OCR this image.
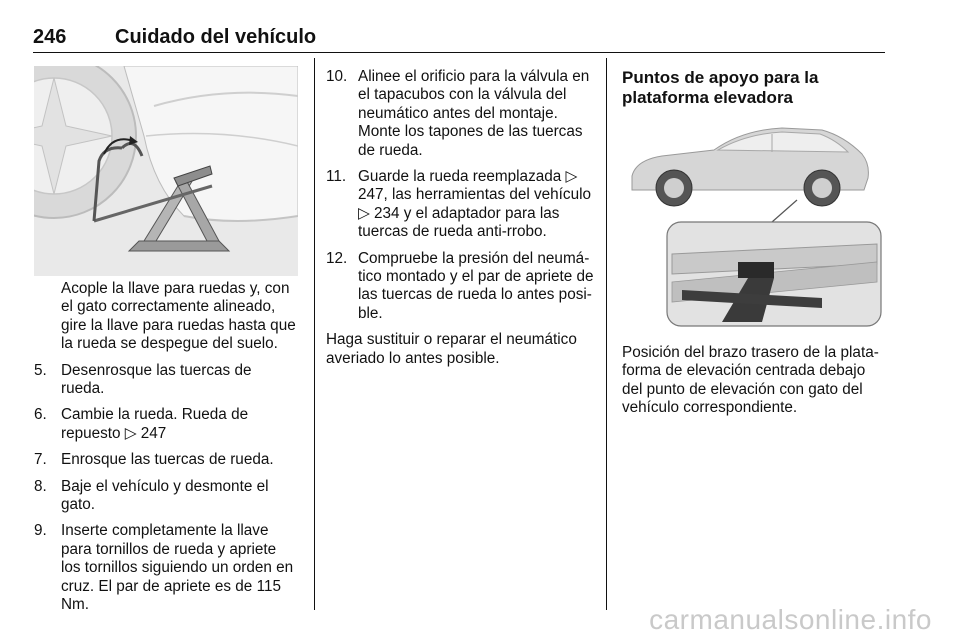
246 Cuidado del vehículo

Acople la llave para ruedas y, con el gato correctamente alineado, gire la llave para ruedas hasta que la rueda se despegue del suelo.

5. Desenrosque las tuercas de rueda.
6. Cambie la rueda. Rueda de repuesto ▷ 247
7. Enrosque las tuercas de rueda.
8. Baje el vehículo y desmonte el gato.
9. Inserte completamente la llave para tornillos de rueda y apriete los tornillos siguiendo un orden en cruz. El par de apriete es de 115 Nm.
10. Alinee el orificio para la válvula en el tapacubos con la válvula del neumático antes del montaje.

Monte los tapones de las tuercas de rueda.

11. Guarde la rueda reemplazada ▷ 247, las herramientas del vehículo ▷ 234 y el adaptador para las tuercas de rueda anti-rrobo.
12. Compruebe la presión del neumá-tico montado y el par de apriete de las tuercas de rueda lo antes posi-ble.

Haga sustituir o reparar el neumático averiado lo antes posible.

Puntos de apoyo para la plataforma elevadora

Posición del brazo trasero de la plata-forma de elevación centrada debajo del punto de elevación con gato del vehículo correspondiente.
carmanualsonline.info
